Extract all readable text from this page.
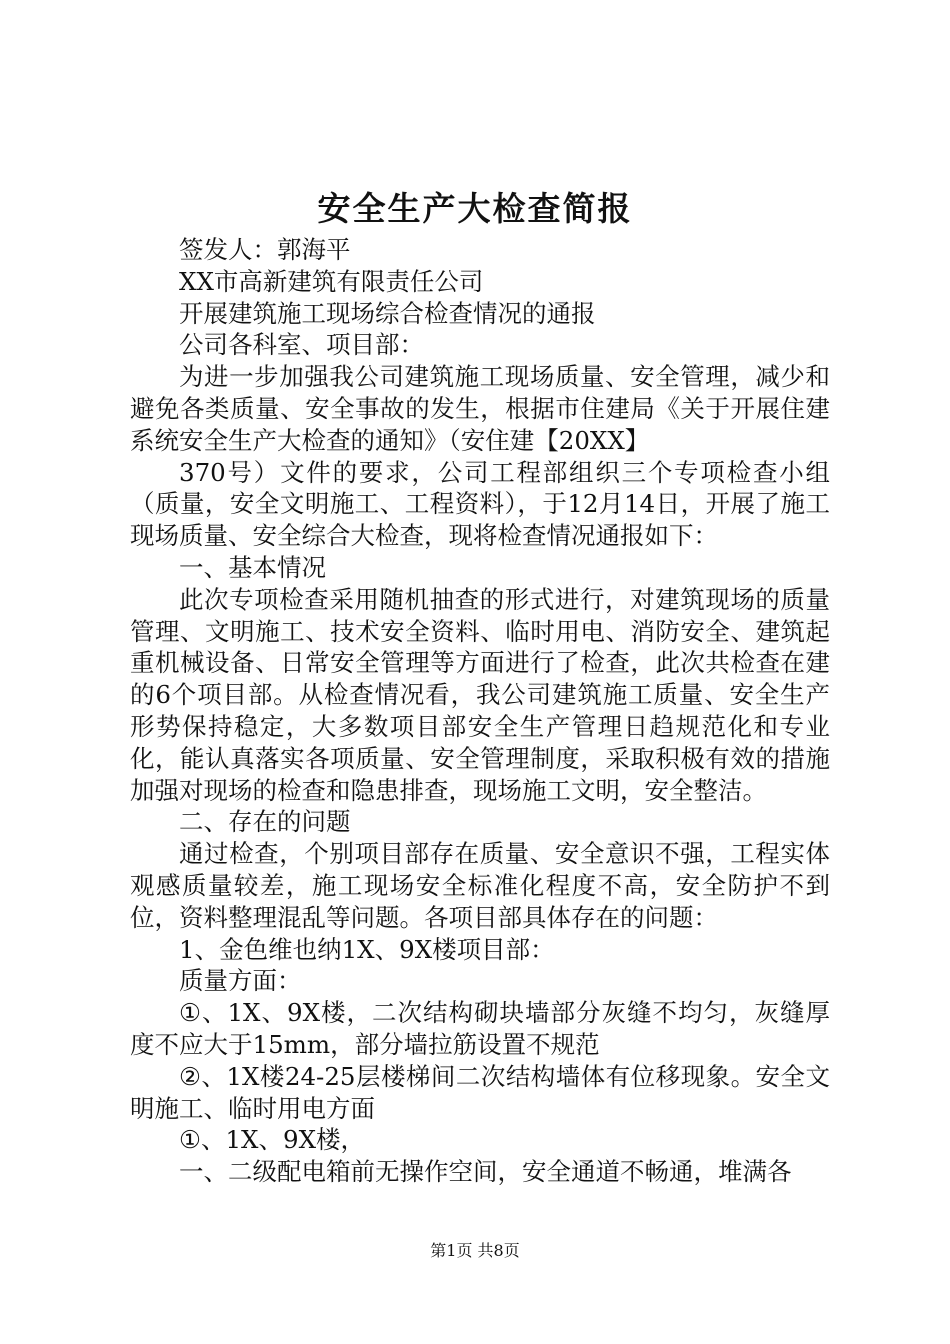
安全生产大检查简报

签发人：郭海平

XX市高新建筑有限责任公司

开展建筑施工现场综合检查情况的通报

公司各科室、项目部：

为进一步加强我公司建筑施工现场质量、安全管理，减少和避免各类质量、安全事故的发生，根据市住建局《关于开展住建系统安全生产大检查的通知》（安住建【20XX】

370号）文件的要求，公司工程部组织三个专项检查小组（质量，安全文明施工、工程资料），于12月14日，开展了施工现场质量、安全综合大检查，现将检查情况通报如下：

一、基本情况

此次专项检查采用随机抽查的形式进行，对建筑现场的质量管理、文明施工、技术安全资料、临时用电、消防安全、建筑起重机械设备、日常安全管理等方面进行了检查，此次共检查在建的6个项目部。从检查情况看，我公司建筑施工质量、安全生产形势保持稳定，大多数项目部安全生产管理日趋规范化和专业化，能认真落实各项质量、安全管理制度，采取积极有效的措施加强对现场的检查和隐患排查，现场施工文明，安全整洁。

二、存在的问题

通过检查，个别项目部存在质量、安全意识不强，工程实体观感质量较差，施工现场安全标准化程度不高，安全防护不到位，资料整理混乱等问题。各项目部具体存在的问题：

1、金色维也纳1X、9X楼项目部：

质量方面：

①、1X、9X楼，二次结构砌块墙部分灰缝不均匀，灰缝厚度不应大于15mm，部分墙拉筋设置不规范

②、1X楼24-25层楼梯间二次结构墙体有位移现象。安全文明施工、临时用电方面

①、1X、9X楼，

一、二级配电箱前无操作空间，安全通道不畅通，堆满各

第1页 共8页
